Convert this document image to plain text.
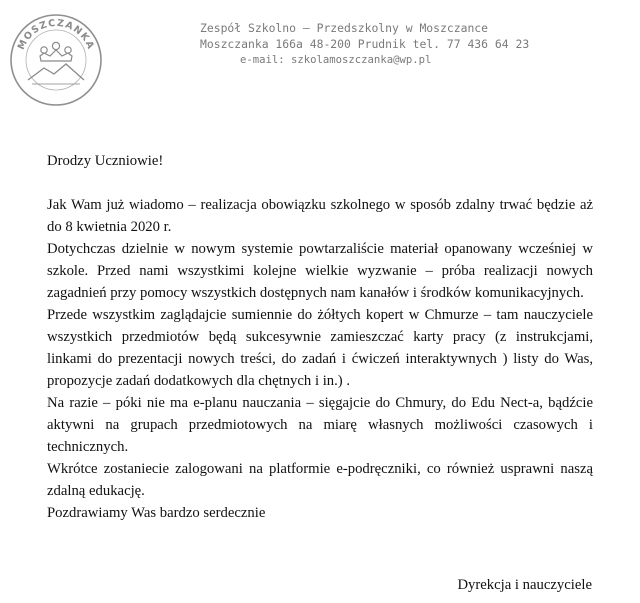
MOSZCZANKA
Zespół Szkolno – Przedszkolny w Moszczance
Moszczanka 166a 48-200 Prudnik tel. 77 436 64 23
e-mail: szkolamoszczanka@wp.pl

Drodzy Uczniowie!

Jak Wam już wiadomo – realizacja obowiązku szkolnego w sposób zdalny trwać będzie aż do 8 kwietnia 2020 r.

Dotychczas dzielnie w nowym systemie powtarzaliście materiał opanowany wcześniej w szkole. Przed nami wszystkimi kolejne wielkie wyzwanie – próba realizacji nowych zagadnień przy pomocy wszystkich dostępnych nam kanałów i środków komunikacyjnych.

Przede wszystkim zaglądajcie sumiennie do żółtych kopert w Chmurze – tam nauczyciele wszystkich przedmiotów będą sukcesywnie zamieszczać karty pracy (z instrukcjami, linkami do prezentacji nowych treści, do zadań i ćwiczeń interaktywnych ) listy do Was, propozycje zadań dodatkowych dla chętnych i in.) .

Na razie – póki nie ma e-planu nauczania – sięgajcie do Chmury, do Edu Nect-a, bądźcie aktywni na grupach przedmiotowych na miarę własnych możliwości czasowych i technicznych.

Wkrótce zostaniecie zalogowani na platformie e-podręczniki, co również usprawni naszą zdalną edukację.

Pozdrawiamy Was bardzo serdecznie

Dyrekcja i nauczyciele
